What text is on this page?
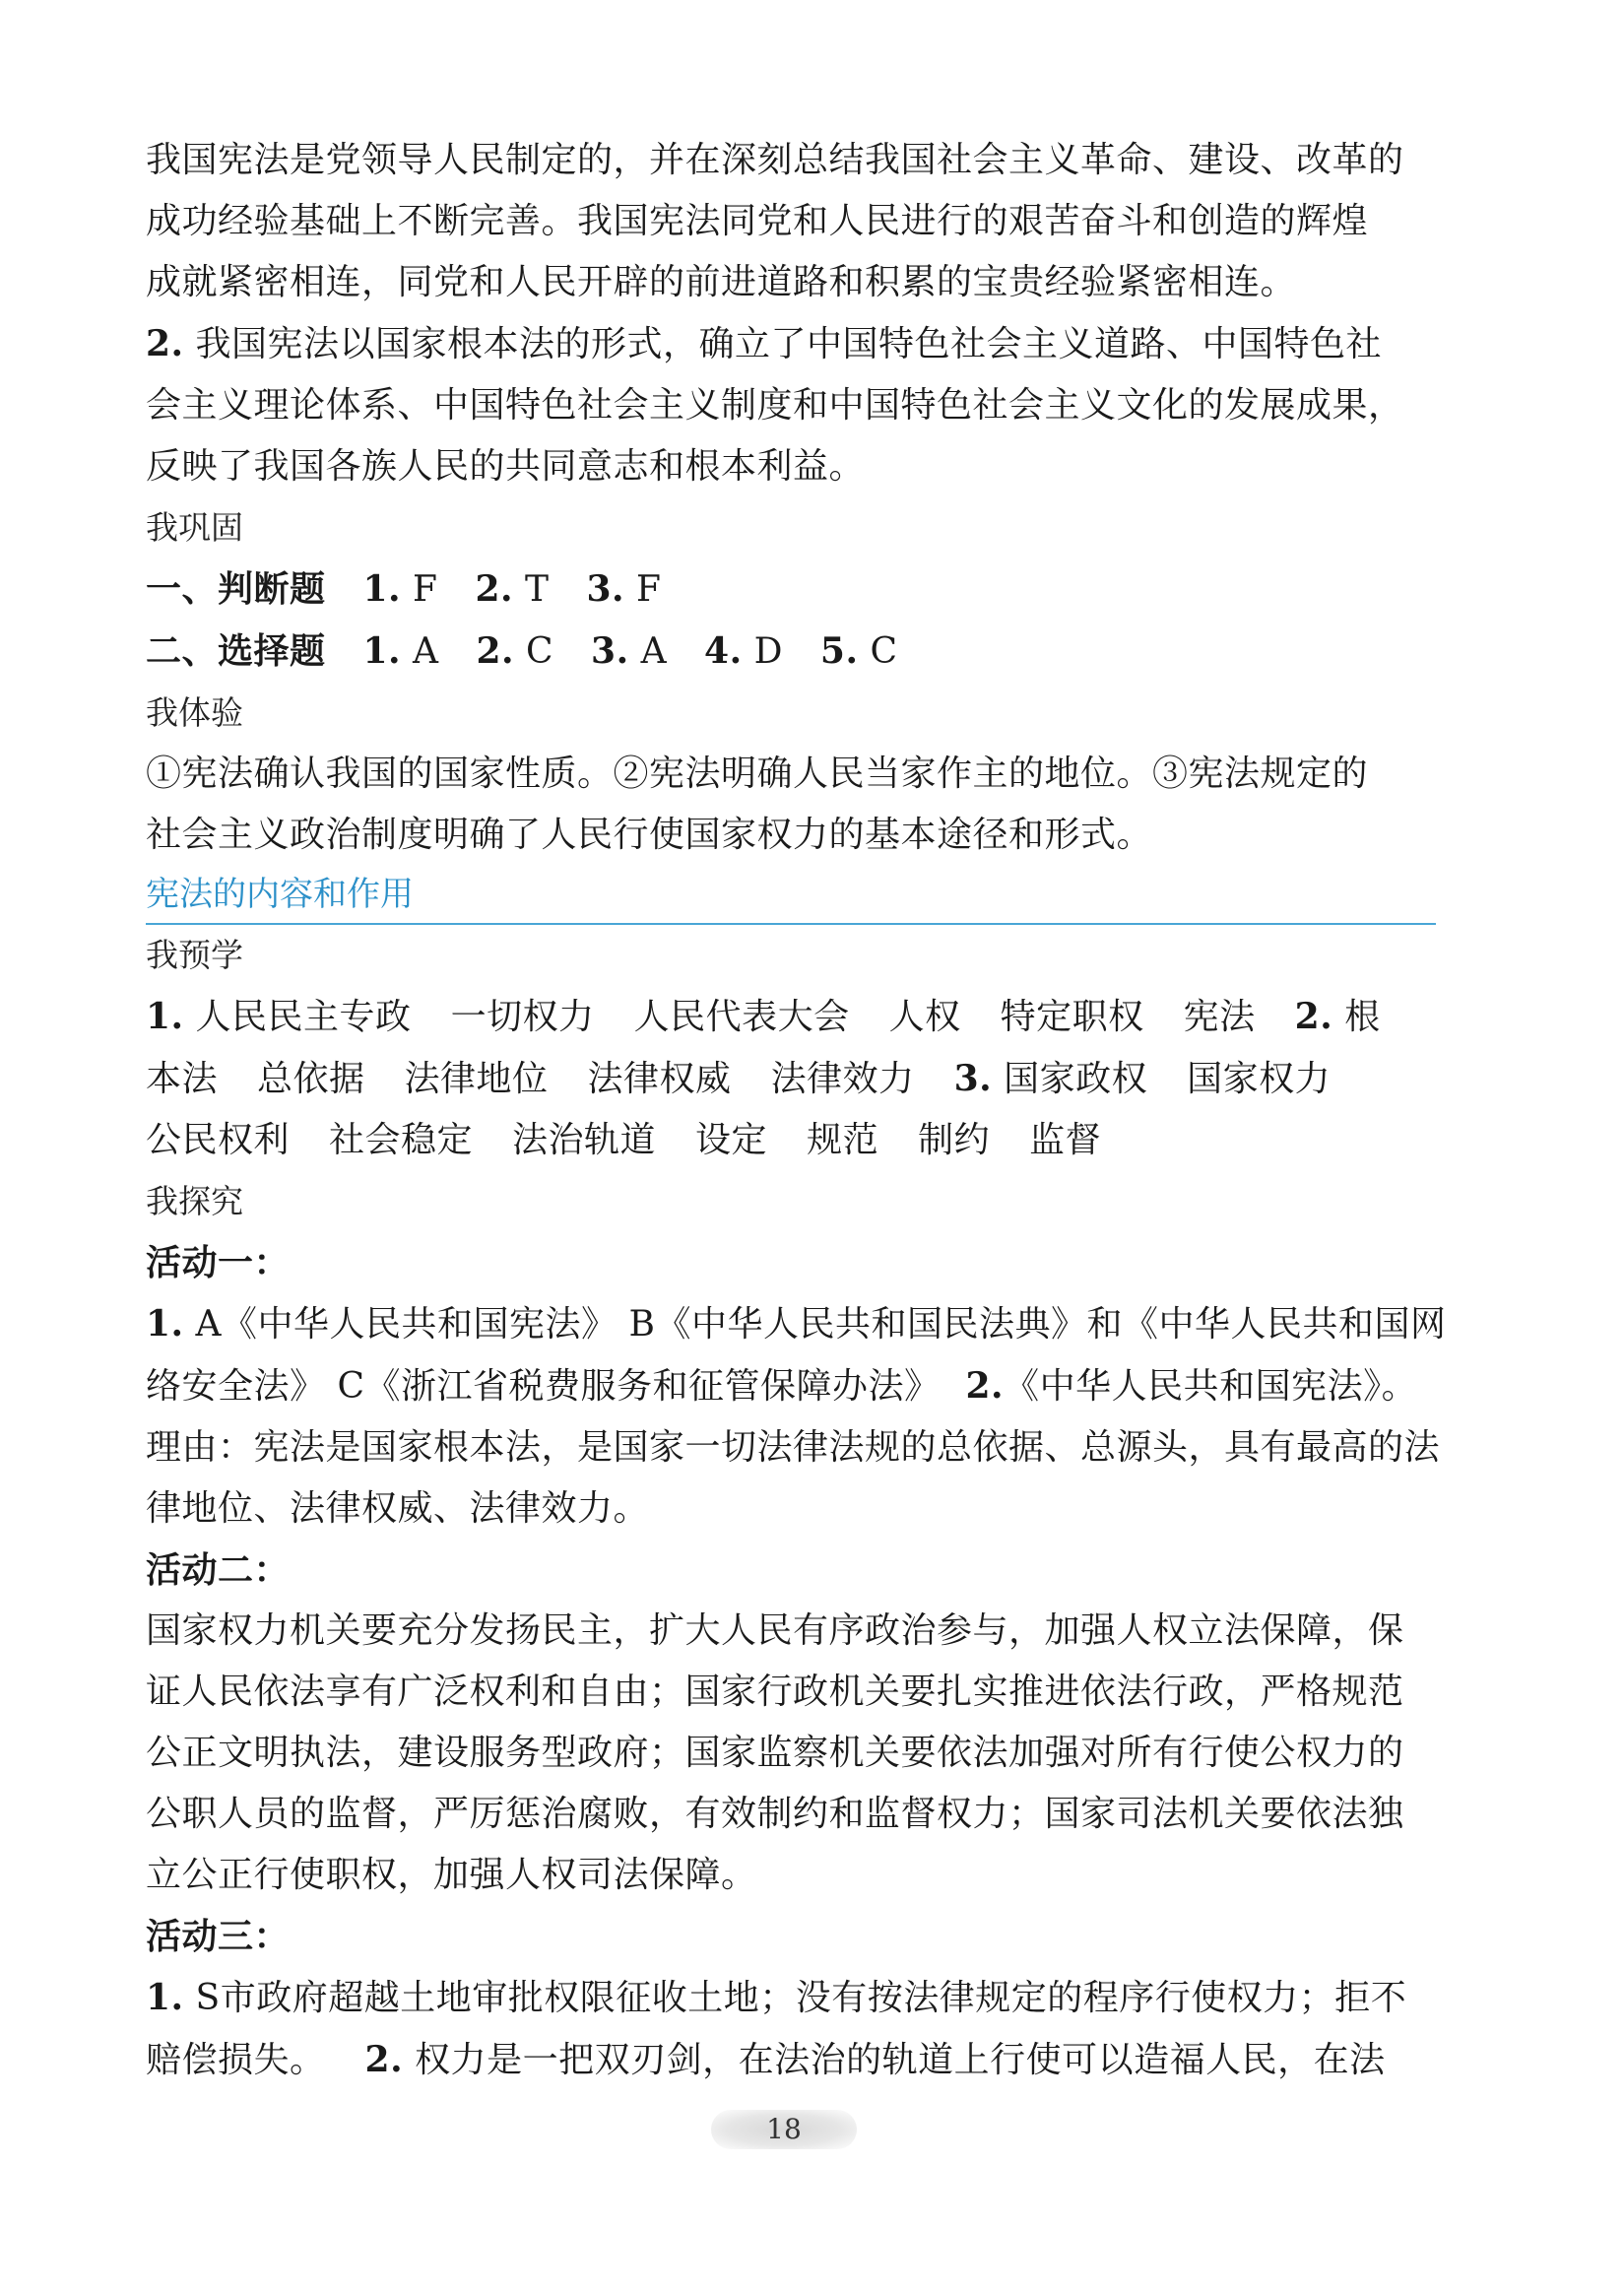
我国宪法是党领导人民制定的，并在深刻总结我国社会主义革命、建设、改革的
成功经验基础上不断完善。我国宪法同党和人民进行的艰苦奋斗和创造的辉煌
成就紧密相连，同党和人民开辟的前进道路和积累的宝贵经验紧密相连。
2. 我国宪法以国家根本法的形式，确立了中国特色社会主义道路、中国特色社
会主义理论体系、中国特色社会主义制度和中国特色社会主义文化的发展成果，
反映了我国各族人民的共同意志和根本利益。
我巩固
一、判断题 1. F 2. T 3. F
二、选择题 1. A 2. C 3. A 4. D 5. C
我体验
①宪法确认我国的国家性质。②宪法明确人民当家作主的地位。③宪法规定的
社会主义政治制度明确了人民行使国家权力的基本途径和形式。
宪法的内容和作用
我预学
1. 人民民主专政 一切权力 人民代表大会 人权 特定职权 宪法 2. 根
本法 总依据 法律地位 法律权威 法律效力 3. 国家政权 国家权力
公民权利 社会稳定 法治轨道 设定 规范 制约 监督
我探究
活动一：
1. A《中华人民共和国宪法》 B《中华人民共和国民法典》和《中华人民共和国网
络安全法》 C《浙江省税费服务和征管保障办法》 2.《中华人民共和国宪法》。
理由：宪法是国家根本法，是国家一切法律法规的总依据、总源头，具有最高的法
律地位、法律权威、法律效力。
活动二：
国家权力机关要充分发扬民主，扩大人民有序政治参与，加强人权立法保障，保
证人民依法享有广泛权利和自由；国家行政机关要扎实推进依法行政，严格规范
公正文明执法，建设服务型政府；国家监察机关要依法加强对所有行使公权力的
公职人员的监督，严厉惩治腐败，有效制约和监督权力；国家司法机关要依法独
立公正行使职权，加强人权司法保障。
活动三：
1. S市政府超越土地审批权限征收土地；没有按法律规定的程序行使权力；拒不
赔偿损失。 2. 权力是一把双刃剑，在法治的轨道上行使可以造福人民，在法
18
